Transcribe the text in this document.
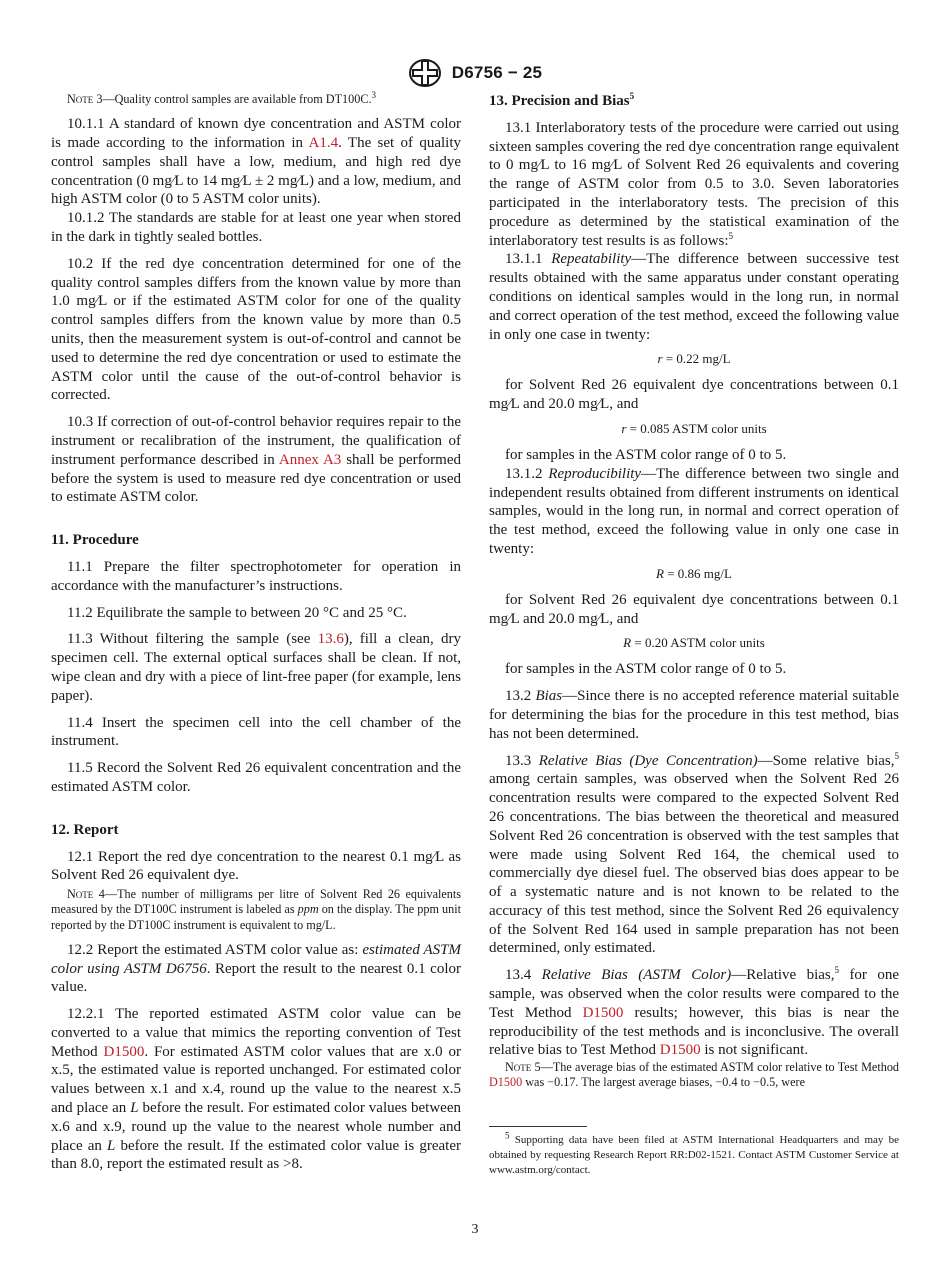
D6756 − 25

Note 3—Quality control samples are available from DT100C.$^3$

10.1.1 A standard of known dye concentration and ASTM color is made according to the information in A1.4. The set of quality control samples shall have a low, medium, and high red dye concentration (0 mg⁄L to 14 mg⁄L ± 2 mg⁄L) and a low, medium, and high ASTM color (0 to 5 ASTM color units).

10.1.2 The standards are stable for at least one year when stored in the dark in tightly sealed bottles.

10.2 If the red dye concentration determined for one of the quality control samples differs from the known value by more than 1.0 mg⁄L or if the estimated ASTM color for one of the quality control samples differs from the known value by more than 0.5 units, then the measurement system is out-of-control and cannot be used to determine the red dye concentration or used to estimate the ASTM color until the cause of the out-of-control behavior is corrected.

10.3 If correction of out-of-control behavior requires repair to the instrument or recalibration of the instrument, the qualification of instrument performance described in Annex A3 shall be performed before the system is used to measure red dye concentration or used to estimate ASTM color.

11. Procedure

11.1 Prepare the filter spectrophotometer for operation in accordance with the manufacturer’s instructions.

11.2 Equilibrate the sample to between 20 °C and 25 °C.

11.3 Without filtering the sample (see 13.6), fill a clean, dry specimen cell. The external optical surfaces shall be clean. If not, wipe clean and dry with a piece of lint-free paper (for example, lens paper).

11.4 Insert the specimen cell into the cell chamber of the instrument.

11.5 Record the Solvent Red 26 equivalent concentration and the estimated ASTM color.

12. Report

12.1 Report the red dye concentration to the nearest 0.1 mg⁄L as Solvent Red 26 equivalent dye.

Note 4—The number of milligrams per litre of Solvent Red 26 equivalents measured by the DT100C instrument is labeled as ppm on the display. The ppm unit reported by the DT100C instrument is equivalent to mg/L.

12.2 Report the estimated ASTM color value as: estimated ASTM color using ASTM D6756. Report the result to the nearest 0.1 color value.

12.2.1 The reported estimated ASTM color value can be converted to a value that mimics the reporting convention of Test Method D1500. For estimated ASTM color values that are x.0 or x.5, the estimated value is reported unchanged. For estimated color values between x.1 and x.4, round up the value to the nearest x.5 and place an L before the result. For estimated color values between x.6 and x.9, round up the value to the nearest whole number and place an L before the result. If the estimated color value is greater than 8.0, report the estimated result as >8.

13. Precision and Bias$^5$

13.1 Interlaboratory tests of the procedure were carried out using sixteen samples covering the red dye concentration range equivalent to 0 mg⁄L to 16 mg⁄L of Solvent Red 26 equivalents and covering the range of ASTM color from 0.5 to 3.0. Seven laboratories participated in the interlaboratory tests. The precision of this procedure as determined by the statistical examination of the interlaboratory test results is as follows:$^5$

13.1.1 Repeatability—The difference between successive test results obtained with the same apparatus under constant operating conditions on identical samples would in the long run, in normal and correct operation of the test method, exceed the following value in only one case in twenty:

r = 0.22 mg/L

for Solvent Red 26 equivalent dye concentrations between 0.1 mg⁄L and 20.0 mg⁄L, and

r = 0.085 ASTM color units

for samples in the ASTM color range of 0 to 5.

13.1.2 Reproducibility—The difference between two single and independent results obtained from different instruments on identical samples, would in the long run, in normal and correct operation of the test method, exceed the following value in only one case in twenty:

R = 0.86 mg/L

for Solvent Red 26 equivalent dye concentrations between 0.1 mg⁄L and 20.0 mg⁄L, and

R = 0.20 ASTM color units

for samples in the ASTM color range of 0 to 5.

13.2 Bias—Since there is no accepted reference material suitable for determining the bias for the procedure in this test method, bias has not been determined.

13.3 Relative Bias (Dye Concentration)—Some relative bias,$^5$ among certain samples, was observed when the Solvent Red 26 concentration results were compared to the expected Solvent Red 26 concentrations. The bias between the theoretical and measured Solvent Red 26 concentration is observed with the test samples that were made using Solvent Red 164, the chemical used to commercially dye diesel fuel. The observed bias does appear to be of a systematic nature and is not known to be related to the accuracy of this test method, since the Solvent Red 26 equivalency of the Solvent Red 164 used in sample preparation has not been determined, only estimated.

13.4 Relative Bias (ASTM Color)—Relative bias,$^5$ for one sample, was observed when the color results were compared to the Test Method D1500 results; however, this bias is near the reproducibility of the test methods and is inconclusive. The overall relative bias to Test Method D1500 is not significant.

Note 5—The average bias of the estimated ASTM color relative to Test Method D1500 was −0.17. The largest average biases, −0.4 to −0.5, were

$^5$ Supporting data have been filed at ASTM International Headquarters and may be obtained by requesting Research Report RR:D02-1521. Contact ASTM Customer Service at www.astm.org/contact.

3
